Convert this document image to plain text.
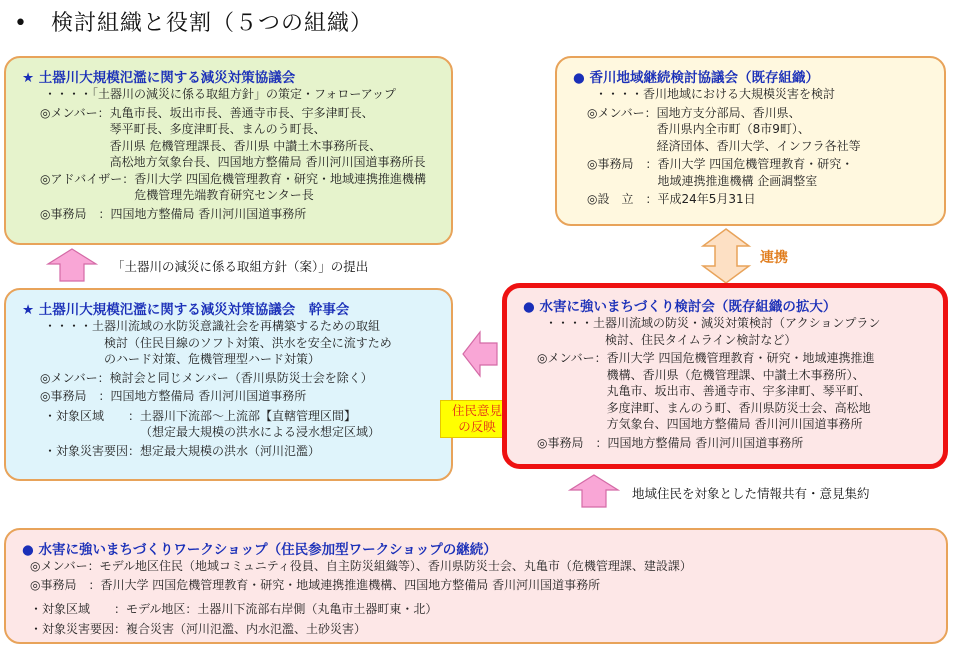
•　検討組織と役割（５つの組織）
★ 土器川大規模氾濫に関する減災対策協議会
・・・・「土器川の減災に係る取組方針」の策定・フォローアップ
◎メンバー： 丸亀市長、坂出市長、善通寺市長、宇多津町長、
琴平町長、多度津町長、まんのう町長、
香川県 危機管理課長、香川県 中讃土木事務所長、
高松地方気象台長、四国地方整備局 香川河川国道事務所長
◎アドバイザー： 香川大学 四国危機管理教育・研究・地域連携推進機構
危機管理先端教育研究センター長
◎事務局　： 四国地方整備局 香川河川国道事務所
● 香川地域継続検討協議会（既存組織）
・・・・香川地域における大規模災害を検討
◎メンバー： 国地方支分部局、香川県、
香川県内全市町（8市9町）、
経済団体、香川大学、インフラ各社等
◎事務局　： 香川大学 四国危機管理教育・研究・
地域連携推進機構 企画調整室
◎設　立　： 平成24年5月31日
連携
「土器川の減災に係る取組方針（案）」の提出
★ 土器川大規模氾濫に関する減災対策協議会　幹事会
・・・・土器川流域の水防災意識社会を再構築するための取組
検討（住民目線のソフト対策、洪水を安全に流すため
のハード対策、危機管理型ハード対策）
◎メンバー： 検討会と同じメンバー（香川県防災士会を除く）
◎事務局　： 四国地方整備局 香川河川国道事務所
・対象区域　　： 土器川下流部～上流部【直轄管理区間】
（想定最大規模の洪水による浸水想定区域）
・対象災害要因： 想定最大規模の洪水（河川氾濫）
住民意見
の反映
● 水害に強いまちづくり検討会（既存組織の拡大）
・・・・土器川流域の防災・減災対策検討（アクションプラン
検討、住民タイムライン検討など）
◎メンバー： 香川大学 四国危機管理教育・研究・地域連携推進
機構、香川県（危機管理課、中讃土木事務所）、
丸亀市、坂出市、善通寺市、宇多津町、琴平町、
多度津町、まんのう町、香川県防災士会、高松地
方気象台、四国地方整備局 香川河川国道事務所
◎事務局　： 四国地方整備局 香川河川国道事務所
地域住民を対象とした情報共有・意見集約
● 水害に強いまちづくりワークショップ（住民参加型ワークショップの継続）
◎メンバー： モデル地区住民（地域コミュニティ役員、自主防災組織等）、香川県防災士会、丸亀市（危機管理課、建設課）
◎事務局　： 香川大学 四国危機管理教育・研究・地域連携推進機構、四国地方整備局 香川河川国道事務所
・対象区域　　： モデル地区：土器川下流部右岸側（丸亀市土器町東・北）
・対象災害要因： 複合災害（河川氾濫、内水氾濫、土砂災害）
